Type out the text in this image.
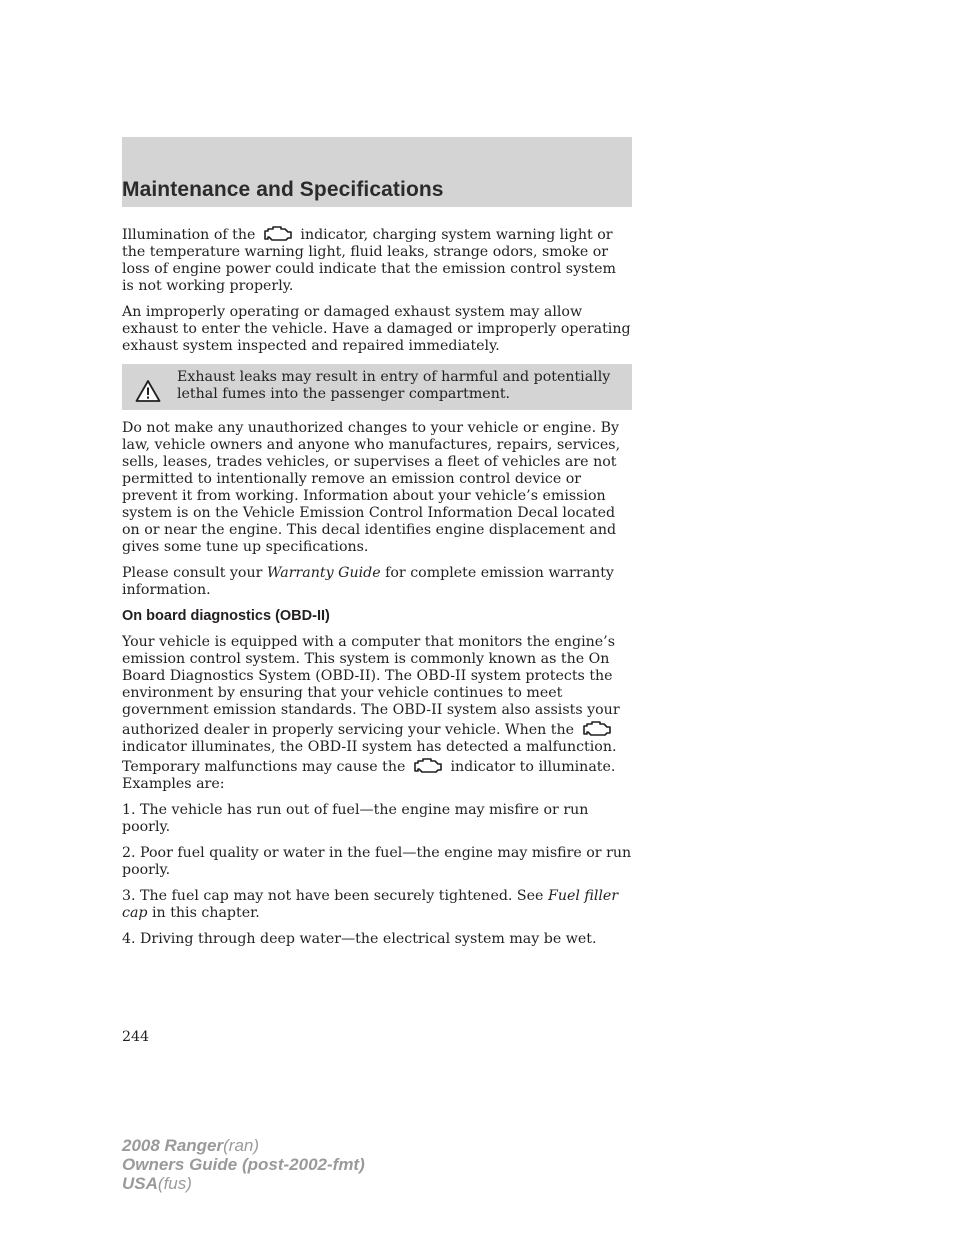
Maintenance and Specifications

Illumination of the	indicator, charging system warning light or the temperature warning light, fluid leaks, strange odors, smoke or loss of engine power could indicate that the emission control system is not working properly.

An improperly operating or damaged exhaust system may allow exhaust to enter the vehicle. Have a damaged or improperly operating exhaust system inspected and repaired immediately.

Exhaust leaks may result in entry of harmful and potentially lethal fumes into the passenger compartment.

Do not make any unauthorized changes to your vehicle or engine. By law, vehicle owners and anyone who manufactures, repairs, services, sells, leases, trades vehicles, or supervises a fleet of vehicles are not permitted to intentionally remove an emission control device or prevent it from working. Information about your vehicle’s emission system is on the Vehicle Emission Control Information Decal located on or near the engine. This decal identifies engine displacement and gives some tune up specifications.

Please consult your Warranty Guide for complete emission warranty information.

On board diagnostics (OBD-II)

Your vehicle is equipped with a computer that monitors the engine’s emission control system. This system is commonly known as the On Board Diagnostics System (OBD-II). The OBD-II system protects the environment by ensuring that your vehicle continues to meet government emission standards. The OBD-II system also assists your authorized dealer in properly servicing your vehicle. When the  indicator illuminates, the OBD-II system has detected a malfunction. Temporary malfunctions may cause the	indicator to illuminate. Examples are:

1. The vehicle has run out of fuel—the engine may misfire or run poorly.

2. Poor fuel quality or water in the fuel—the engine may misfire or run poorly.

3. The fuel cap may not have been securely tightened. See Fuel filler cap in this chapter.

4. Driving through deep water—the electrical system may be wet.

244
2008 Ranger(ran)
Owners Guide (post-2002-fmt)
USA(fus)
